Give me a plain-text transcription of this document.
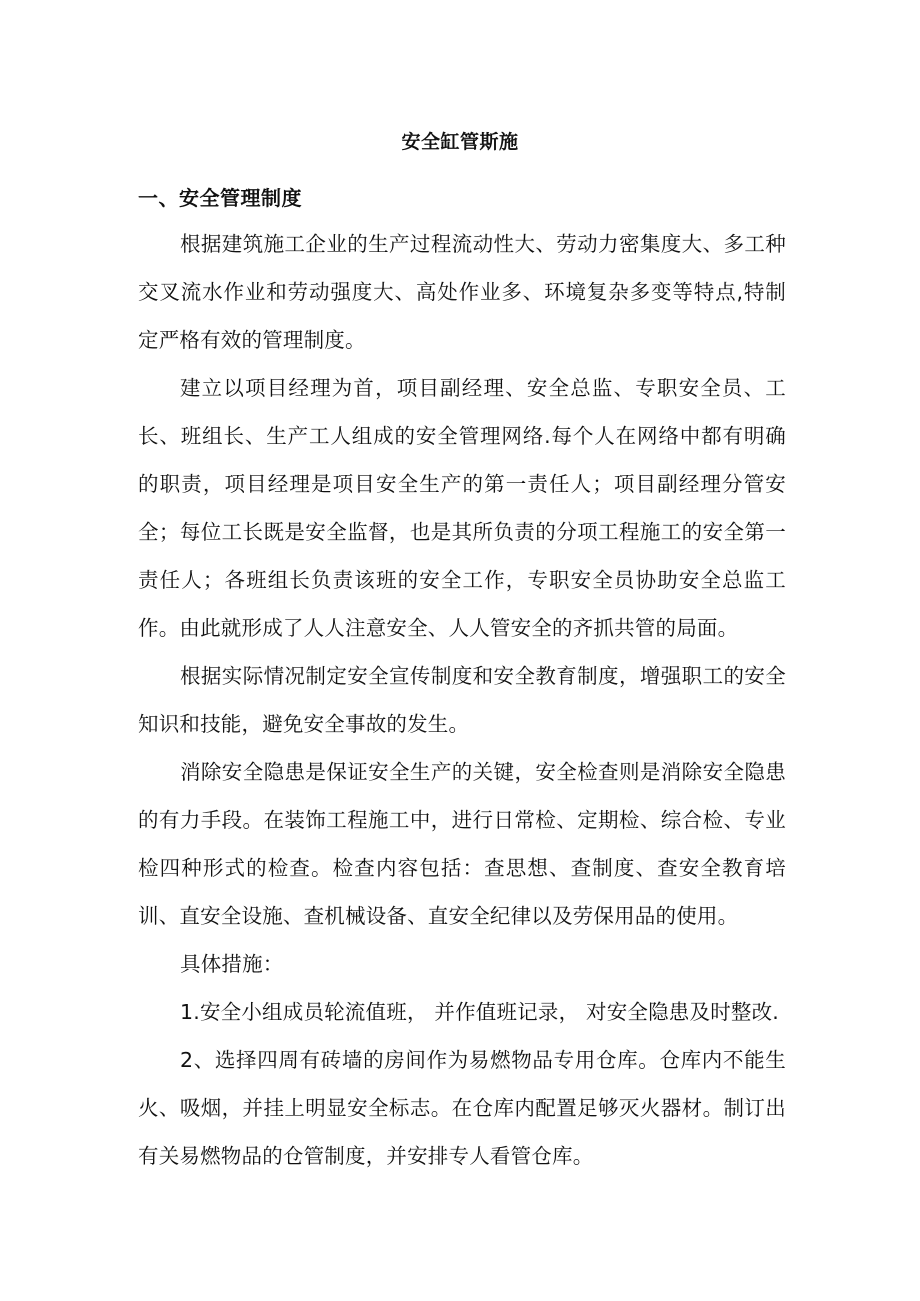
安全缸管斯施
一、安全管理制度

根据建筑施工企业的生产过程流动性大、劳动力密集度大、多工种交叉流水作业和劳动强度大、高处作业多、环境复杂多变等特点,特制定严格有效的管理制度。

建立以项目经理为首，项目副经理、安全总监、专职安全员、工长、班组长、生产工人组成的安全管理网络.每个人在网络中都有明确的职责，项目经理是项目安全生产的第一责任人；项目副经理分管安全；每位工长既是安全监督，也是其所负责的分项工程施工的安全第一责任人；各班组长负责该班的安全工作，专职安全员协助安全总监工作。由此就形成了人人注意安全、人人管安全的齐抓共管的局面。

根据实际情况制定安全宣传制度和安全教育制度，增强职工的安全知识和技能，避免安全事故的发生。

消除安全隐患是保证安全生产的关键，安全检查则是消除安全隐患的有力手段。在装饰工程施工中，进行日常检、定期检、综合检、专业检四种形式的检查。检查内容包括：查思想、查制度、查安全教育培训、直安全设施、查机械设备、直安全纪律以及劳保用品的使用。

具体措施：

1.安全小组成员轮流值班， 并作值班记录， 对安全隐患及时整改.

2、选择四周有砖墙的房间作为易燃物品专用仓库。仓库内不能生火、吸烟，并挂上明显安全标志。在仓库内配置足够灭火器材。制订出有关易燃物品的仓管制度，并安排专人看管仓库。
